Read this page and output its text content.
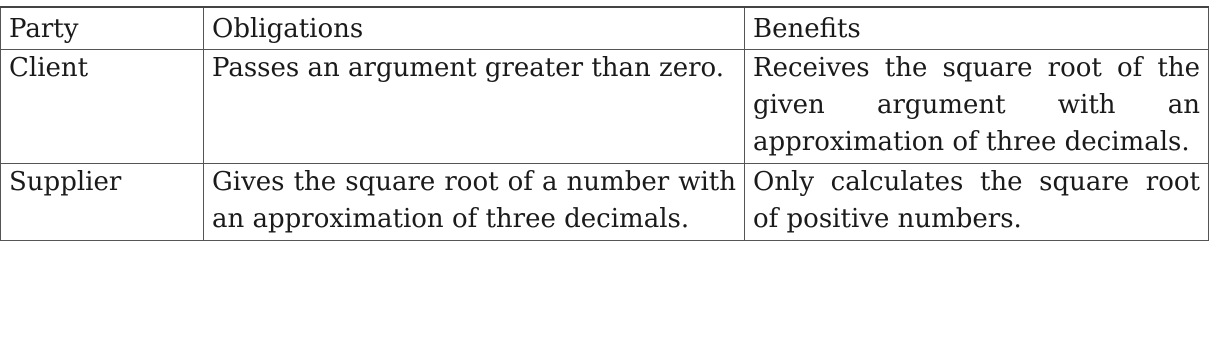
Party	Obligations	Benefits
Client	Passes an argument greater than zero.	Receives the square root of the given argument with an approximation of three decimals.
Supplier	Gives the square root of a number with an approximation of three decimals.	Only calculates the square root of positive numbers.
